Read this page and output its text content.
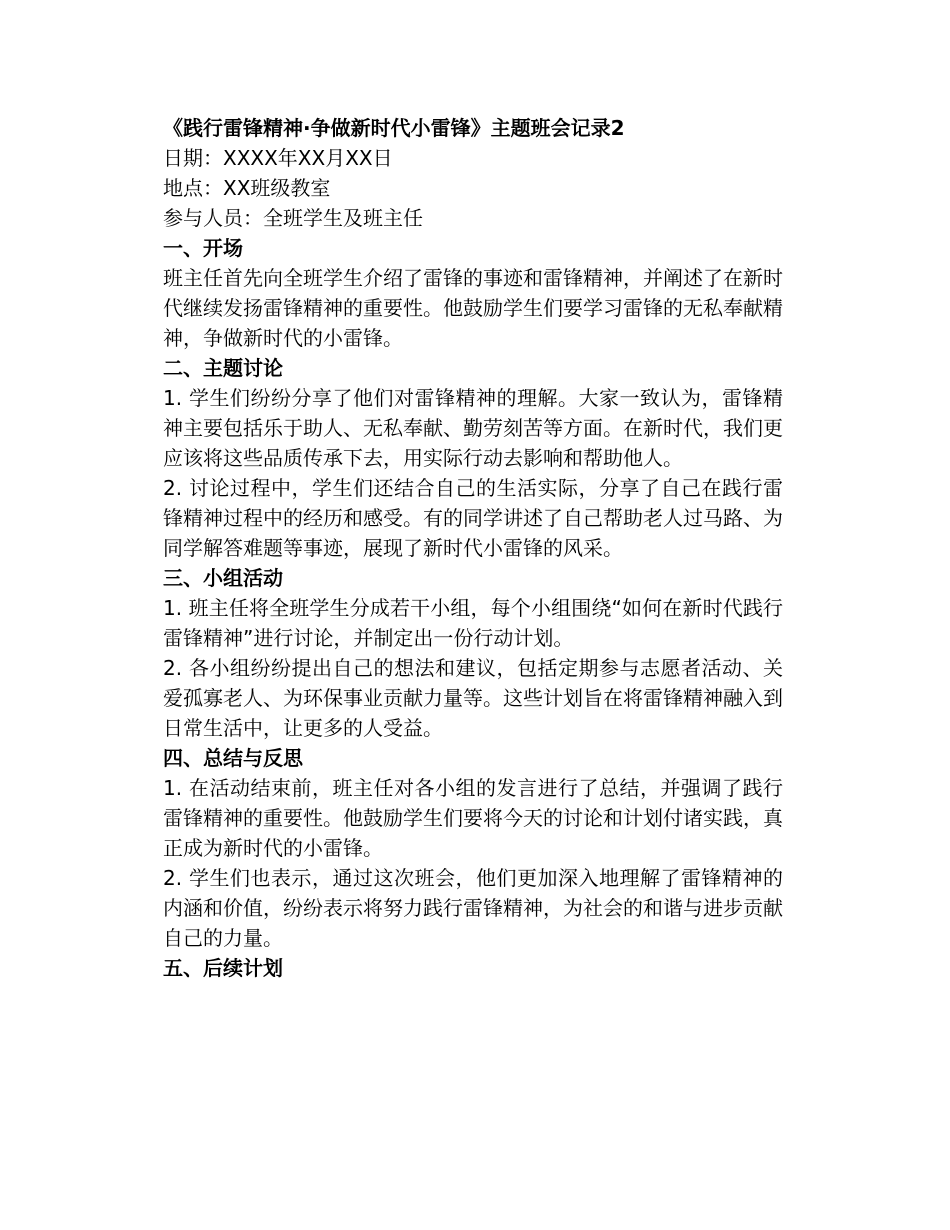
《践行雷锋精神·争做新时代小雷锋》主题班会记录2

日期：XXXX年XX月XX日

地点：XX班级教室

参与人员：全班学生及班主任

一、开场

班主任首先向全班学生介绍了雷锋的事迹和雷锋精神，并阐述了在新时代继续发扬雷锋精神的重要性。他鼓励学生们要学习雷锋的无私奉献精神，争做新时代的小雷锋。

二、主题讨论

1. 学生们纷纷分享了他们对雷锋精神的理解。大家一致认为，雷锋精神主要包括乐于助人、无私奉献、勤劳刻苦等方面。在新时代，我们更应该将这些品质传承下去，用实际行动去影响和帮助他人。

2. 讨论过程中，学生们还结合自己的生活实际，分享了自己在践行雷锋精神过程中的经历和感受。有的同学讲述了自己帮助老人过马路、为同学解答难题等事迹，展现了新时代小雷锋的风采。

三、小组活动

1. 班主任将全班学生分成若干小组，每个小组围绕“如何在新时代践行雷锋精神”进行讨论，并制定出一份行动计划。

2. 各小组纷纷提出自己的想法和建议，包括定期参与志愿者活动、关爱孤寡老人、为环保事业贡献力量等。这些计划旨在将雷锋精神融入到日常生活中，让更多的人受益。

四、总结与反思

1. 在活动结束前，班主任对各小组的发言进行了总结，并强调了践行雷锋精神的重要性。他鼓励学生们要将今天的讨论和计划付诸实践，真正成为新时代的小雷锋。

2. 学生们也表示，通过这次班会，他们更加深入地理解了雷锋精神的内涵和价值，纷纷表示将努力践行雷锋精神，为社会的和谐与进步贡献自己的力量。

五、后续计划
